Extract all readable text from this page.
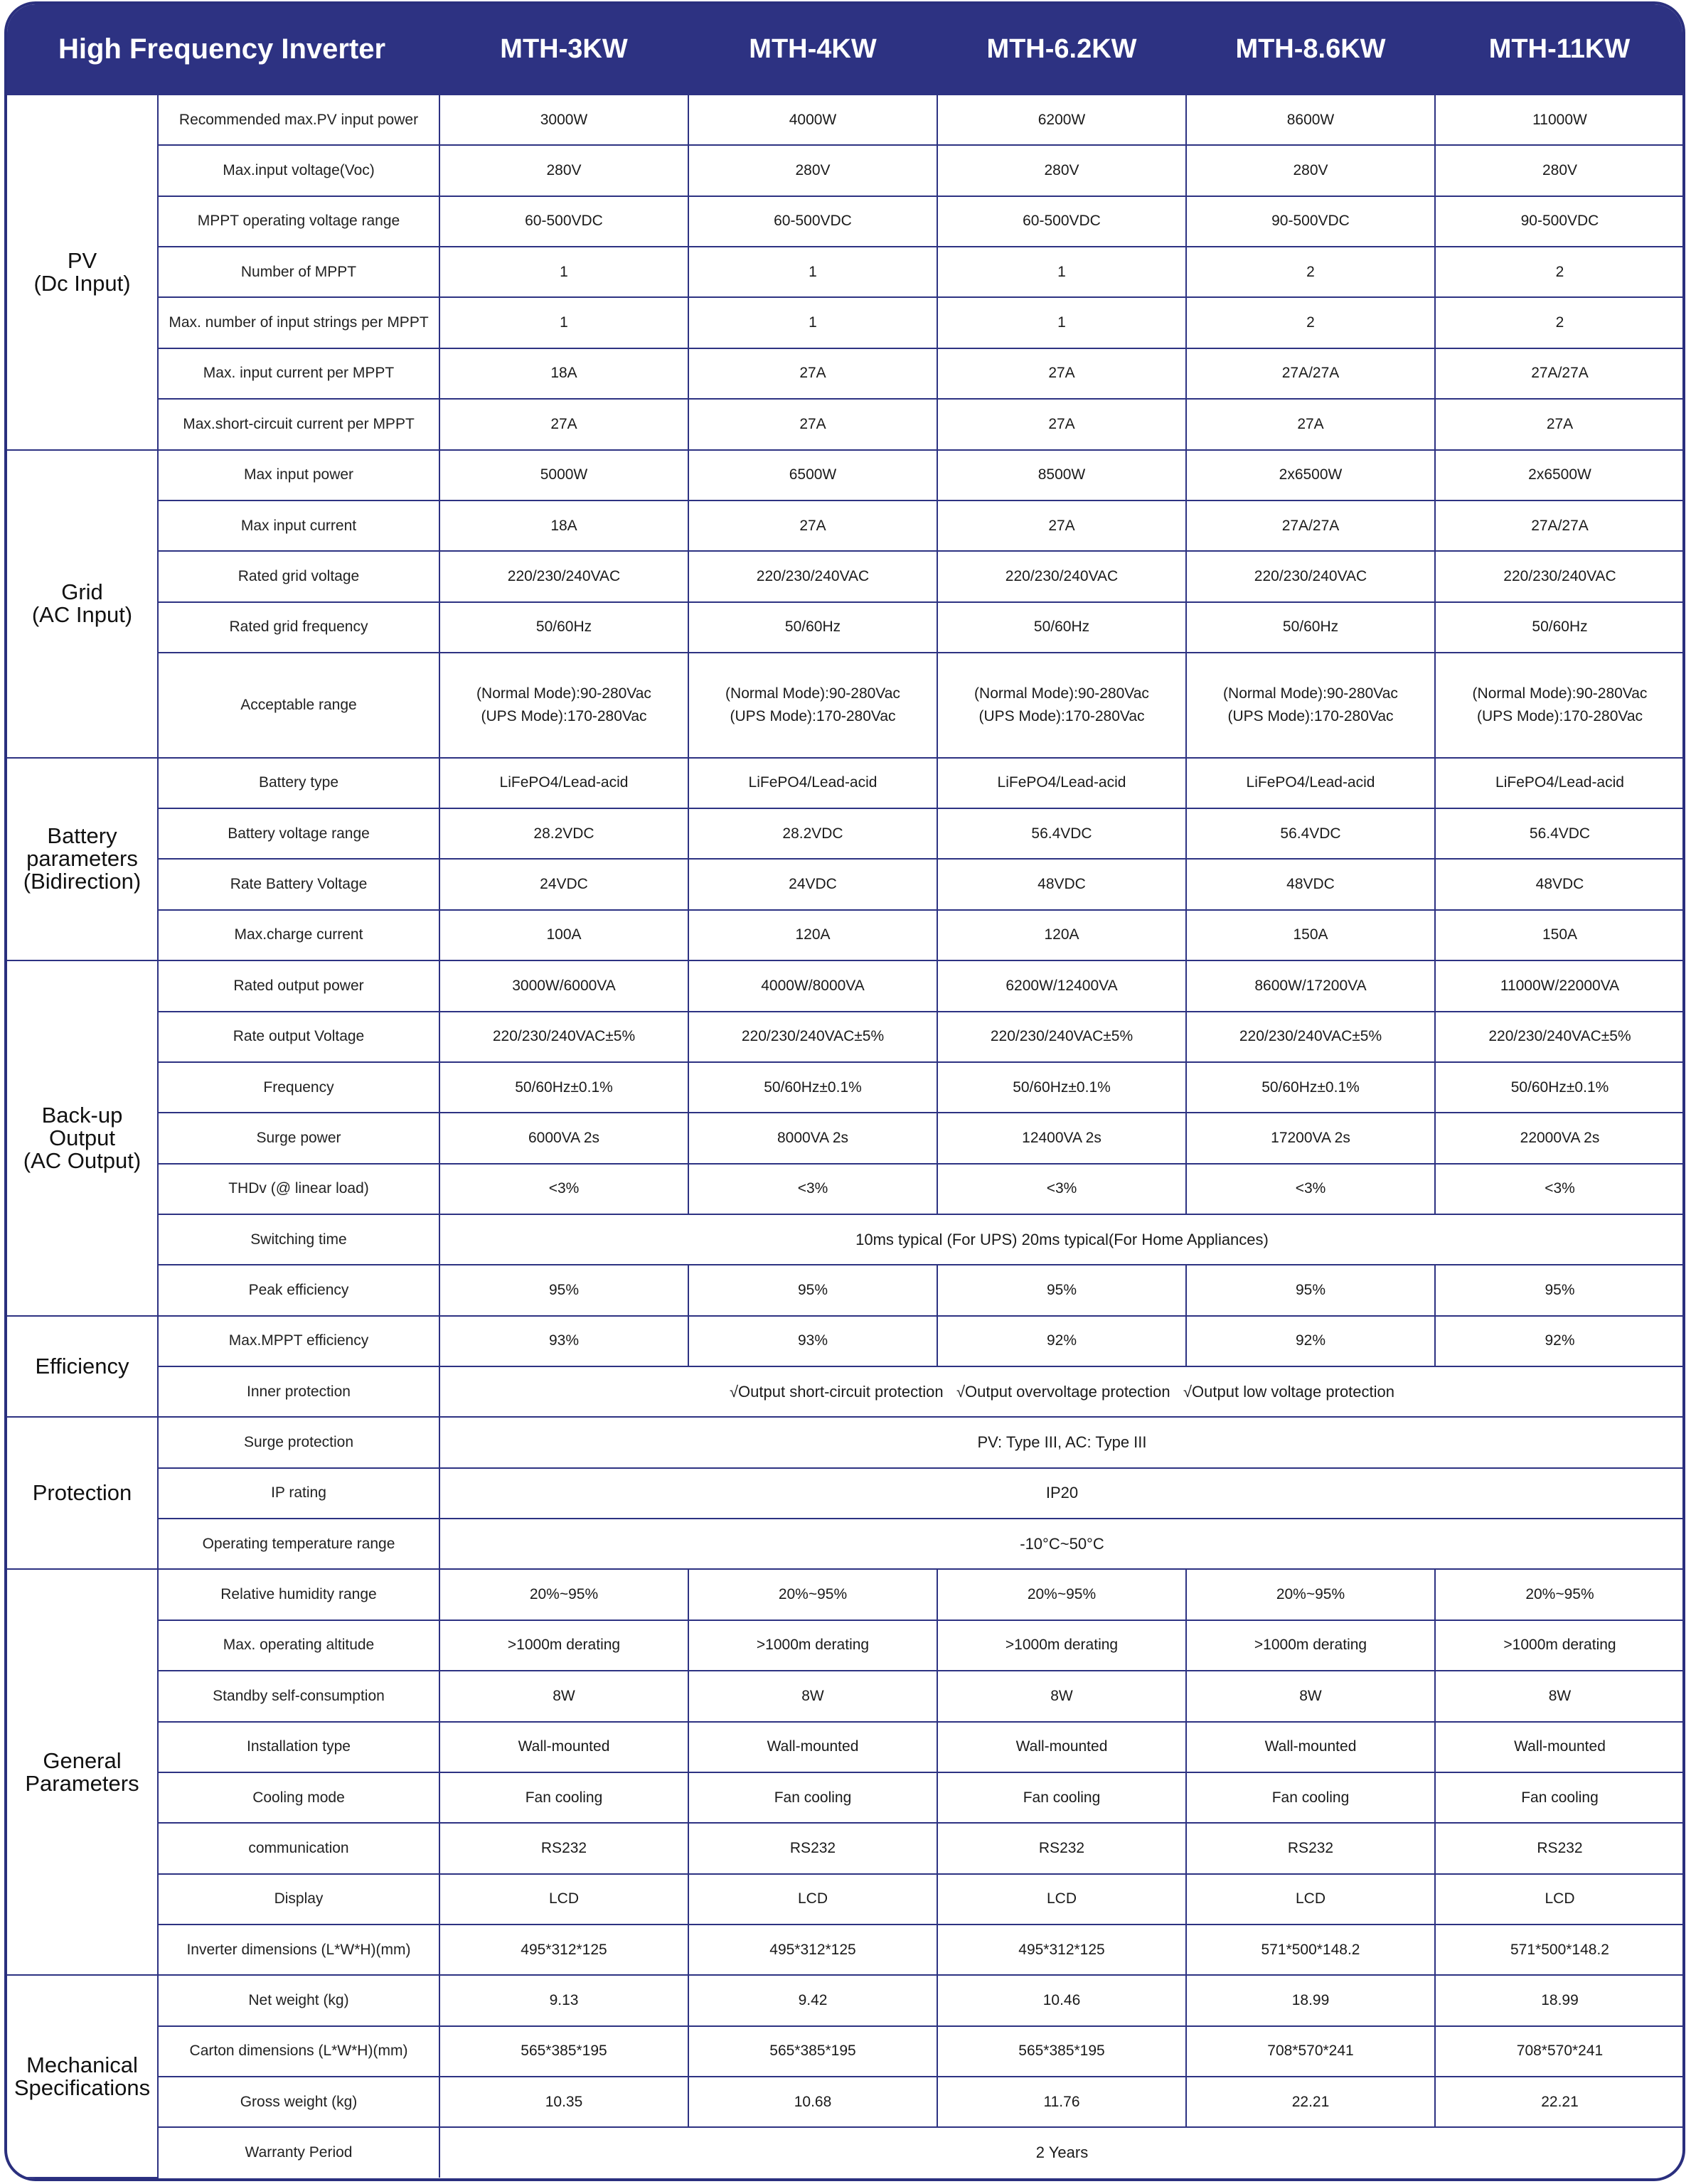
High Frequency Inverter		MTH-3KW	MTH-4KW	MTH-6.2KW	MTH-8.6KW	MTH-11KW

PV
(Dc Input)	Recommended max.PV input power	3000W	4000W	6200W	8600W	11000W
	Max.input voltage(Voc)	280V	280V	280V	280V	280V
	MPPT operating voltage range	60-500VDC	60-500VDC	60-500VDC	90-500VDC	90-500VDC
	Number of MPPT	1	1	1	2	2
	Max. number of input strings per MPPT	1	1	1	2	2
	Max. input current per MPPT	18A	27A	27A	27A/27A	27A/27A
	Max.short-circuit current per MPPT	27A	27A	27A	27A	27A

Grid
(AC Input)	Max input power	5000W	6500W	8500W	2x6500W	2x6500W
	Max input current	18A	27A	27A	27A/27A	27A/27A
	Rated grid voltage	220/230/240VAC	220/230/240VAC	220/230/240VAC	220/230/240VAC	220/230/240VAC
	Rated grid frequency	50/60Hz	50/60Hz	50/60Hz	50/60Hz	50/60Hz
	Acceptable range	(Normal Mode):90-280Vac
(UPS Mode):170-280Vac	(Normal Mode):90-280Vac
(UPS Mode):170-280Vac	(Normal Mode):90-280Vac
(UPS Mode):170-280Vac	(Normal Mode):90-280Vac
(UPS Mode):170-280Vac	(Normal Mode):90-280Vac
(UPS Mode):170-280Vac

Battery
parameters
(Bidirection)	Battery type	LiFePO4/Lead-acid	LiFePO4/Lead-acid	LiFePO4/Lead-acid	LiFePO4/Lead-acid	LiFePO4/Lead-acid
	Battery voltage range	28.2VDC	28.2VDC	56.4VDC	56.4VDC	56.4VDC
	Rate Battery Voltage	24VDC	24VDC	48VDC	48VDC	48VDC
	Max.charge current	100A	120A	120A	150A	150A

Back-up
Output
(AC Output)	Rated output power	3000W/6000VA	4000W/8000VA	6200W/12400VA	8600W/17200VA	11000W/22000VA
	Rate output Voltage	220/230/240VAC±5%	220/230/240VAC±5%	220/230/240VAC±5%	220/230/240VAC±5%	220/230/240VAC±5%
	Frequency	50/60Hz±0.1%	50/60Hz±0.1%	50/60Hz±0.1%	50/60Hz±0.1%	50/60Hz±0.1%
	Surge power	6000VA 2s	8000VA 2s	12400VA 2s	17200VA 2s	22000VA 2s
	THDv (@ linear load)	<3%	<3%	<3%	<3%	<3%
	Switching time	10ms typical (For UPS) 20ms typical(For Home Appliances)				
	Peak efficiency	95%	95%	95%	95%	95%

Efficiency	Max.MPPT efficiency	93%	93%	92%	92%	92%
	Inner protection	√Output short-circuit protection   √Output overvoltage protection   √Output low voltage protection				

Protection	Surge protection	PV: Type III, AC: Type III				
	IP rating	IP20				
	Operating temperature range	-10°C~50°C				

General
Parameters	Relative humidity range	20%~95%	20%~95%	20%~95%	20%~95%	20%~95%
	Max. operating altitude	>1000m derating	>1000m derating	>1000m derating	>1000m derating	>1000m derating
	Standby self-consumption	8W	8W	8W	8W	8W
	Installation type	Wall-mounted	Wall-mounted	Wall-mounted	Wall-mounted	Wall-mounted
	Cooling mode	Fan cooling	Fan cooling	Fan cooling	Fan cooling	Fan cooling
	communication	RS232	RS232	RS232	RS232	RS232
	Display	LCD	LCD	LCD	LCD	LCD
	Inverter dimensions (L*W*H)(mm)	495*312*125	495*312*125	495*312*125	571*500*148.2	571*500*148.2

Mechanical
Specifications	Net weight (kg)	9.13	9.42	10.46	18.99	18.99
	Carton dimensions (L*W*H)(mm)	565*385*195	565*385*195	565*385*195	708*570*241	708*570*241
	Gross weight (kg)	10.35	10.68	11.76	22.21	22.21
	Warranty Period	2 Years				
